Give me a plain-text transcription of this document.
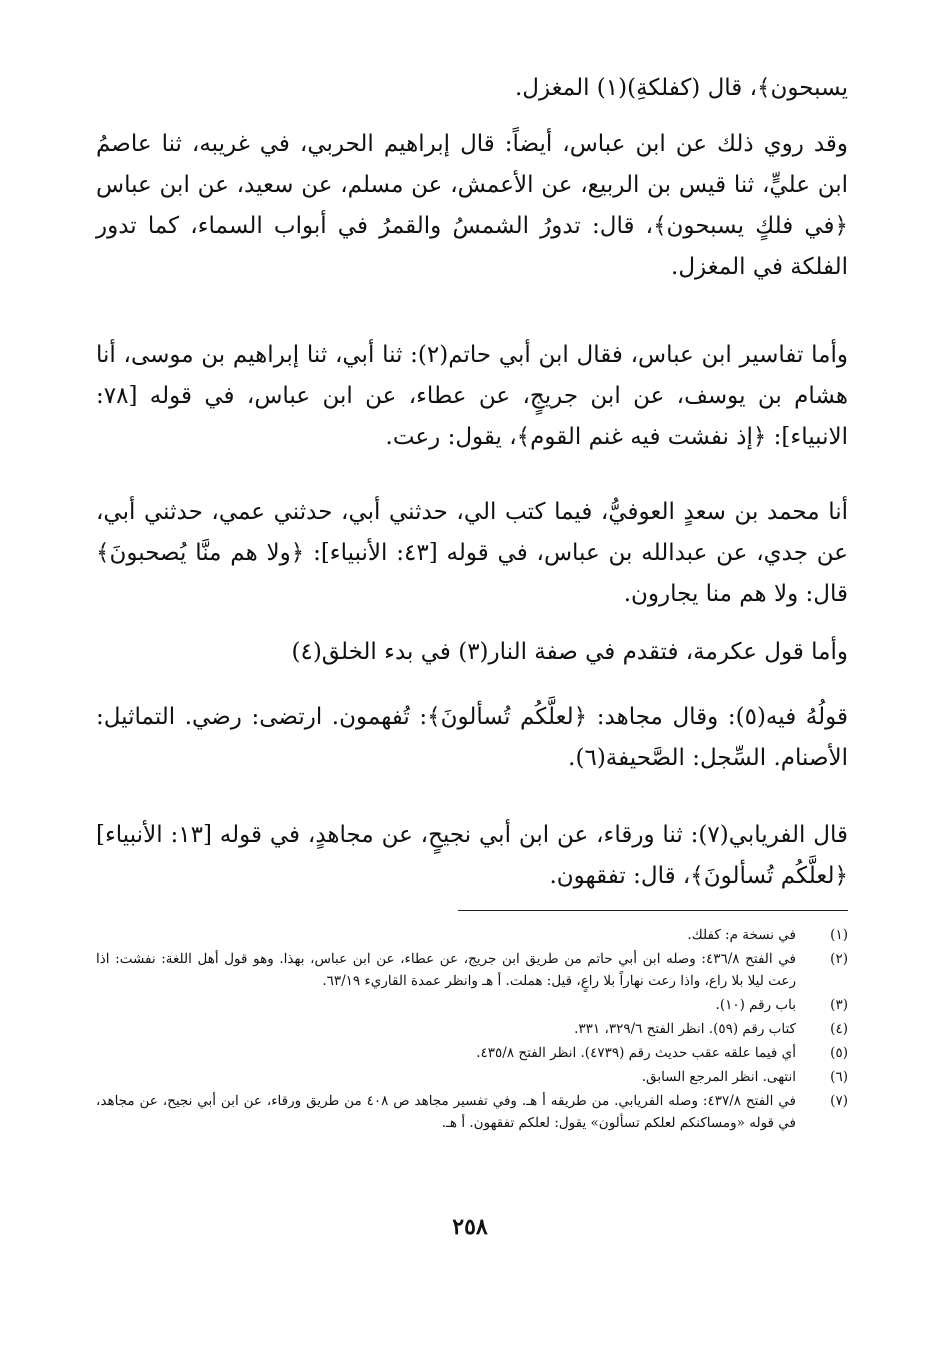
يسبحون﴾، قال (كفلكةِ)(١) المغزل.
وقد روي ذلك عن ابن عباس، أيضاً: قال إبراهيم الحربي، في غريبه، ثنا عاصمُ ابن عليٍّ، ثنا قيس بن الربيع، عن الأعمش، عن مسلم، عن سعيد، عن ابن عباس ﴿في فلكٍ يسبحون﴾، قال: تدورُ الشمسُ والقمرُ في أبواب السماء، كما تدور الفلكة في المغزل.
وأما تفاسير ابن عباس، فقال ابن أبي حاتم(٢): ثنا أبي، ثنا إبراهيم بن موسى، أنا هشام بن يوسف، عن ابن جريجٍ، عن عطاء، عن ابن عباس، في قوله [٧٨: الانبياء]: ﴿إذ نفشت فيه غنم القوم﴾، يقول: رعت.
أنا محمد بن سعدٍ العوفيُّ، فيما كتب الي، حدثني أبي، حدثني عمي، حدثني أبي، عن جدي، عن عبدالله بن عباس، في قوله [٤٣: الأنبياء]: ﴿ولا هم منَّا يُصحبونَ﴾ قال: ولا هم منا يجارون.
وأما قول عكرمة، فتقدم في صفة النار(٣) في بدء الخلق(٤)
قولُهُ فيه(٥): وقال مجاهد: ﴿لعلَّكُم تُسألونَ﴾: تُفهمون. ارتضى: رضي. التماثيل: الأصنام. السِّجل: الصَّحيفة(٦).
قال الفريابي(٧): ثنا ورقاء، عن ابن أبي نجيحٍ، عن مجاهدٍ، في قوله [١٣: الأنبياء] ﴿لعلَّكُم تُسألونَ﴾، قال: تفقهون.
(١)
في نسخة م: كفلك.
(٢)
في الفتح ٤٣٦/٨: وصله ابن أبي حاتم من طريق ابن جريج، عن عطاء، عن ابن عباس، بهذا. وهو قول أهل اللغة: نفشت: اذا رعت ليلا بلا راع، واذا رعت نهاراً بلا راعٍ، قيل: هملت. أ هـ وانظر عمدة القاريء ٦٣/١٩.
(٣)
باب رقم (١٠).
(٤)
كتاب رقم (٥٩). انظر الفتح ٣٢٩/٦، ٣٣١.
(٥)
أي فيما علقه عقب حديث رقم (٤٧٣٩). انظر الفتح ٤٣٥/٨.
(٦)
انتهى. انظر المرجع السابق.
(٧)
في الفتح ٤٣٧/٨: وصله الفريابي. من طريقه أ هـ. وفي تفسير مجاهد ص ٤٠٨ من طريق ورقاء، عن ابن أبي نجيح، عن مجاهد، في قوله «ومساكنكم لعلكم تسألون» يقول: لعلكم تفقهون. أ هـ.
٢٥٨
